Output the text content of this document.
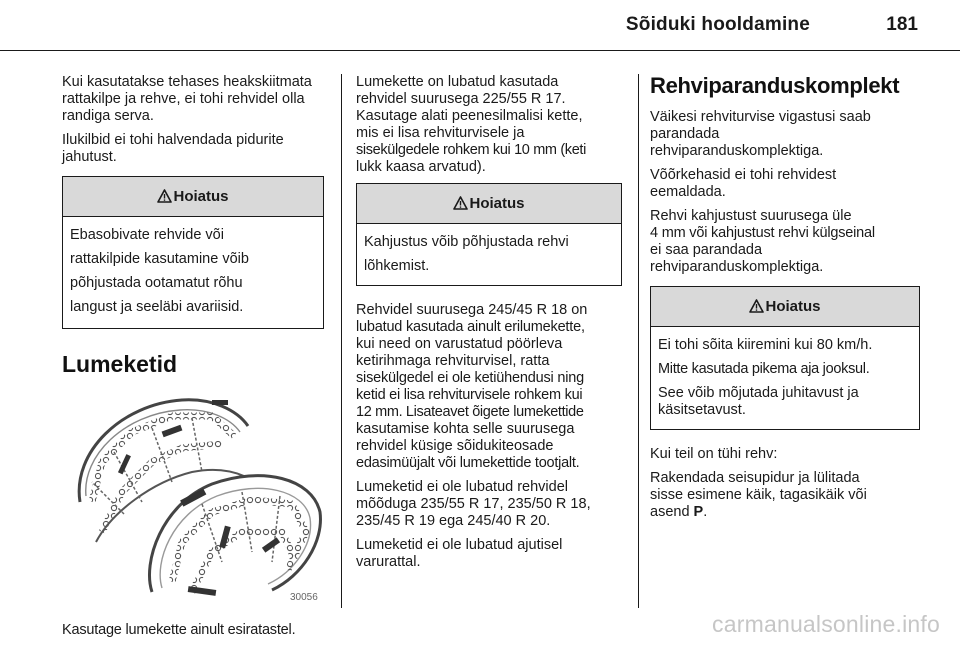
Sõiduki hooldamine	181

Kui kasutatakse tehases heakskiitmata rattakilpe ja rehve, ei tohi rehvidel olla randiga serva.

Ilukilbid ei tohi halvendada pidurite jahutust.

Hoiatus

Ebasobivate rehvide või

rattakilpide kasutamine võib

põhjustada ootamatut rõhu

langust ja seeläbi avariisid.

Lumeketid
30056

Kasutage lumekette ainult esiratastel.

Lumekette on lubatud kasutada

rehvidel suurusega 225/55 R 17.

Kasutage alati peenesilmalisi kette,

mis ei lisa rehviturvisele ja

sisekülgedele rohkem kui 10 mm (keti

lukk kaasa arvatud).

Hoiatus

Kahjustus võib põhjustada rehvi

lõhkemist.

Rehvidel suurusega 245/45 R 18 on

lubatud kasutada ainult erilumekette,

kui need on varustatud pöörleva

ketirihmaga rehviturvisel, ratta

sisekülgedel ei ole ketiühendusi ning

ketid ei lisa rehviturvisele rohkem kui

12 mm. Lisateavet õigete lumekettide

kasutamise kohta selle suurusega

rehvidel küsige sõidukiteosade

edasimüüjalt või lumekettide tootjalt.

Lumeketid ei ole lubatud rehvidel

mõõduga 235/55 R 17, 235/50 R 18,

235/45 R 19 ega 245/40 R 20.

Lumeketid ei ole lubatud ajutisel

varurattal.

Rehviparanduskomplekt

Väikesi rehviturvise vigastusi saab

parandada

rehviparanduskomplektiga.

Võõrkehasid ei tohi rehvidest

eemaldada.

Rehvi kahjustust suurusega üle

4 mm või kahjustust rehvi külgseinal

ei saa parandada

rehviparanduskomplektiga.

Hoiatus

Ei tohi sõita kiiremini kui 80 km/h.

Mitte kasutada pikema aja jooksul.

See võib mõjutada juhitavust ja käsitsetavust.

Kui teil on tühi rehv:

Rakendada seisupidur ja lülitada

sisse esimene käik, tagasikäik või

asend P.

carmanualsonline.info
